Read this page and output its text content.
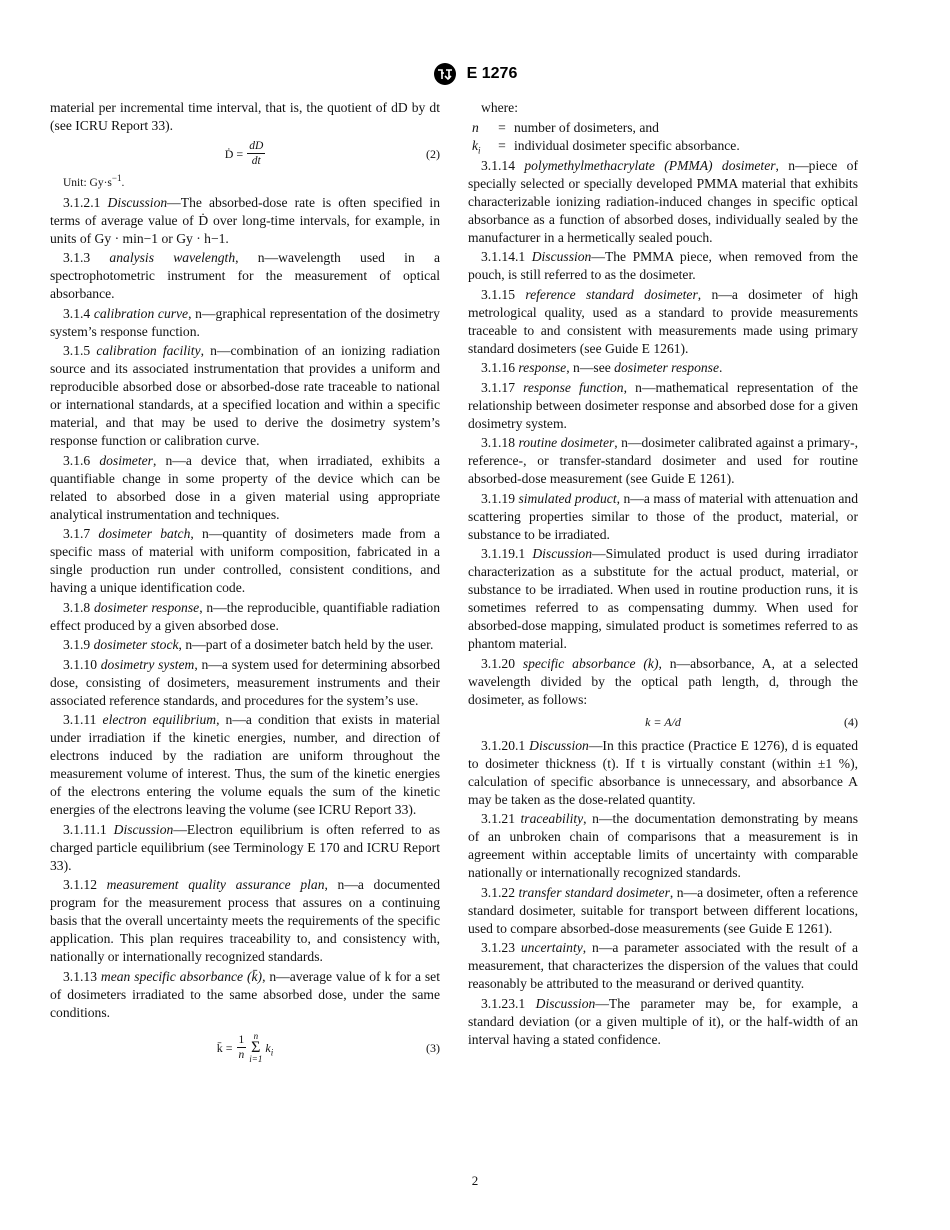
E 1276

material per incremental time interval, that is, the quotient of dD by dt (see ICRU Report 33).

Ḋ = $\frac{dD}{dt}$	(2)

Unit: $Gy\cdot s^{-1}$.

3.1.2.1 Discussion—The absorbed-dose rate is often specified in terms of average value of Ḋ over long-time intervals, for example, in units of Gy · min−1 or Gy · h−1.

3.1.3 analysis wavelength, n—wavelength used in a spectrophotometric instrument for the measurement of optical absorbance.

3.1.4 calibration curve, n—graphical representation of the dosimetry system’s response function.

3.1.5 calibration facility, n—combination of an ionizing radiation source and its associated instrumentation that provides a uniform and reproducible absorbed dose or absorbed-dose rate traceable to national or international standards, at a specified location and within a specific material, and that may be used to derive the dosimetry system’s response function or calibration curve.

3.1.6 dosimeter, n—a device that, when irradiated, exhibits a quantifiable change in some property of the device which can be related to absorbed dose in a given material using appropriate analytical instrumentation and techniques.

3.1.7 dosimeter batch, n—quantity of dosimeters made from a specific mass of material with uniform composition, fabricated in a single production run under controlled, consistent conditions, and having a unique identification code.

3.1.8 dosimeter response, n—the reproducible, quantifiable radiation effect produced by a given absorbed dose.

3.1.9 dosimeter stock, n—part of a dosimeter batch held by the user.

3.1.10 dosimetry system, n—a system used for determining absorbed dose, consisting of dosimeters, measurement instruments and their associated reference standards, and procedures for the system’s use.

3.1.11 electron equilibrium, n—a condition that exists in material under irradiation if the kinetic energies, number, and direction of electrons induced by the radiation are uniform throughout the measurement volume of interest. Thus, the sum of the kinetic energies of the electrons entering the volume equals the sum of the kinetic energies of the electrons leaving the volume (see ICRU Report 33).

3.1.11.1 Discussion—Electron equilibrium is often referred to as charged particle equilibrium (see Terminology E 170 and ICRU Report 33).

3.1.12 measurement quality assurance plan, n—a documented program for the measurement process that assures on a continuing basis that the overall uncertainty meets the requirements of the specific application. This plan requires traceability to, and consistency with, nationally or internationally recognized standards.

3.1.13 mean specific absorbance (k̄), n—average value of k for a set of dosimeters irradiated to the same absorbed dose, under the same conditions.

k̄ = $\frac{1}{n}$ n
Σ
i=1
$k_i$	(3)

where:

n	= number of dosimeters, and
$k_i$	= individual dosimeter specific absorbance.

3.1.14 polymethylmethacrylate (PMMA) dosimeter, n—piece of specially selected or specially developed PMMA material that exhibits characterizable ionizing radiation-induced changes in specific optical absorbance as a function of absorbed doses, individually sealed by the manufacturer in a hermetically sealed pouch.

3.1.14.1 Discussion—The PMMA piece, when removed from the pouch, is still referred to as the dosimeter.

3.1.15 reference standard dosimeter, n—a dosimeter of high metrological quality, used as a standard to provide measurements traceable to and consistent with measurements made using primary standard dosimeters (see Guide E 1261).

3.1.16 response, n—see dosimeter response.

3.1.17 response function, n—mathematical representation of the relationship between dosimeter response and absorbed dose for a given dosimetry system.

3.1.18 routine dosimeter, n—dosimeter calibrated against a primary-, reference-, or transfer-standard dosimeter and used for routine absorbed-dose measurement (see Guide E 1261).

3.1.19 simulated product, n—a mass of material with attenuation and scattering properties similar to those of the product, material, or substance to be irradiated.

3.1.19.1 Discussion—Simulated product is used during irradiator characterization as a substitute for the actual product, material, or substance to be irradiated. When used in routine production runs, it is sometimes referred to as compensating dummy. When used for absorbed-dose mapping, simulated product is sometimes referred to as phantom material.

3.1.20 specific absorbance (k), n—absorbance, A, at a selected wavelength divided by the optical path length, d, through the dosimeter, as follows:

k = A/d	(4)

3.1.20.1 Discussion—In this practice (Practice E 1276), d is equated to dosimeter thickness (t). If t is virtually constant (within ±1 %), calculation of specific absorbance is unnecessary, and absorbance A may be taken as the dose-related quantity.

3.1.21 traceability, n—the documentation demonstrating by means of an unbroken chain of comparisons that a measurement is in agreement within acceptable limits of uncertainty with comparable nationally or internationally recognized standards.

3.1.22 transfer standard dosimeter, n—a dosimeter, often a reference standard dosimeter, suitable for transport between different locations, used to compare absorbed-dose measurements (see Guide E 1261).

3.1.23 uncertainty, n—a parameter associated with the result of a measurement, that characterizes the dispersion of the values that could reasonably be attributed to the measurand or derived quantity.

3.1.23.1 Discussion—The parameter may be, for example, a standard deviation (or a given multiple of it), or the half-width of an interval having a stated confidence.

2
